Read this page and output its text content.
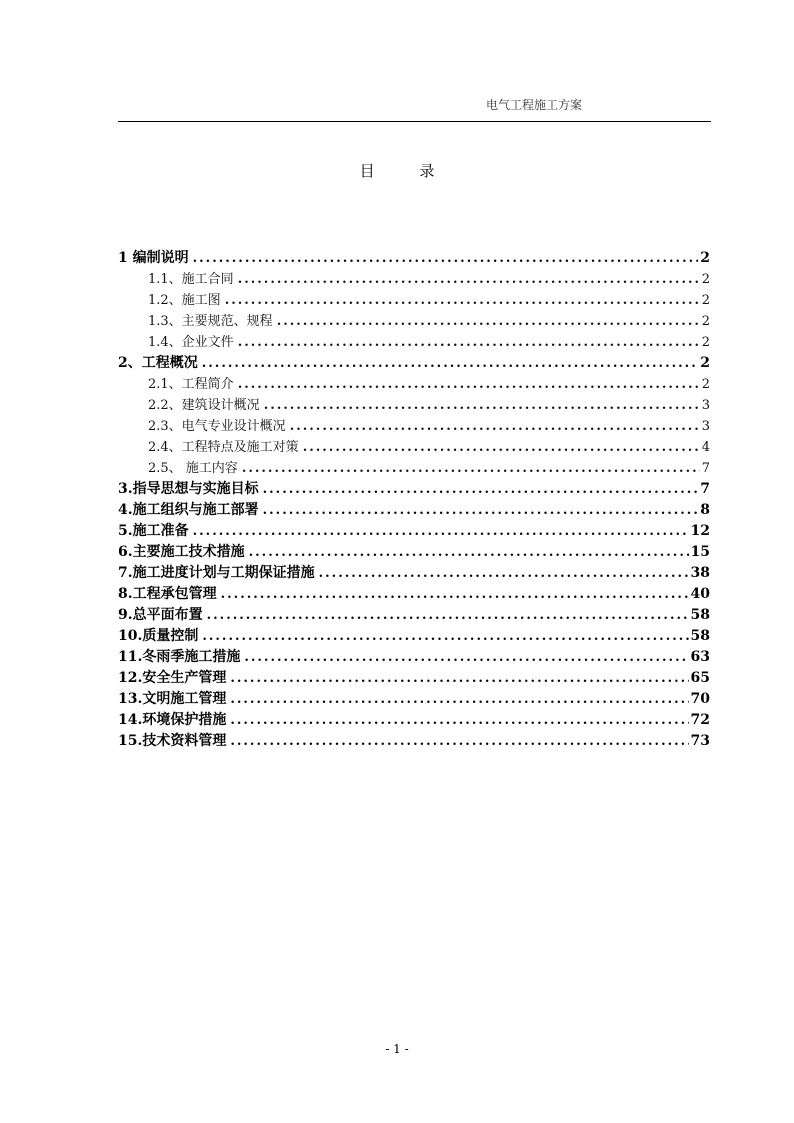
电气工程施工方案
目 录
1 编制说明 .....	2
1.1、施工合同 .....	2
1.2、施工图 .....	2
1.3、主要规范、规程 .....	2
1.4、企业文件 .....	2
2、工程概况 .....	2
2.1、工程简介 .....	2
2.2、建筑设计概况 .....	3
2.3、电气专业设计概况 .....	3
2.4、工程特点及施工对策 .....	4
2.5、 施工内容 .....	7
3.指导思想与实施目标 .....	7
4.施工组织与施工部署 .....	8
5.施工准备 .....	12
6.主要施工技术措施 .....	15
7.施工进度计划与工期保证措施 .....	38
8.工程承包管理 .....	40
9.总平面布置 .....	58
10.质量控制 .....	58
11.冬雨季施工措施 .....	63
12.安全生产管理 .....	65
13.文明施工管理 .....	70
14.环境保护措施 .....	72
15.技术资料管理 .....	73
- 1 -
